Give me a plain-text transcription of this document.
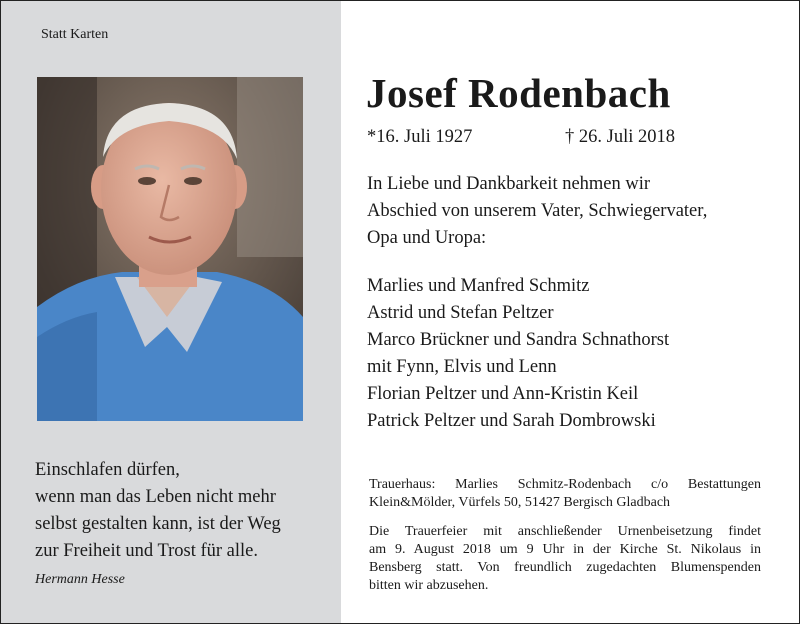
Statt Karten
Einschlafen dürfen,
wenn man das Leben nicht mehr
selbst gestalten kann, ist der Weg
zur Freiheit und Trost für alle.
Hermann Hesse
Josef Rodenbach
*16. Juli 1927	† 26. Juli 2018
In Liebe und Dankbarkeit nehmen wir
Abschied von unserem Vater, Schwiegervater,
Opa und Uropa:
Marlies und Manfred Schmitz
Astrid und Stefan Peltzer
Marco Brückner und Sandra Schnathorst
mit Fynn, Elvis und Lenn
Florian Peltzer und Ann-Kristin Keil
Patrick Peltzer und Sarah Dombrowski
Trauerhaus: Marlies Schmitz-Rodenbach c/o Bestattungen
Klein&Mölder, Vürfels 50, 51427 Bergisch Gladbach
Die Trauerfeier mit anschließender Urnenbeisetzung findet
am 9. August 2018 um 9 Uhr in der Kirche St. Nikolaus in
Bensberg statt. Von freundlich zugedachten Blumenspenden
bitten wir abzusehen.
